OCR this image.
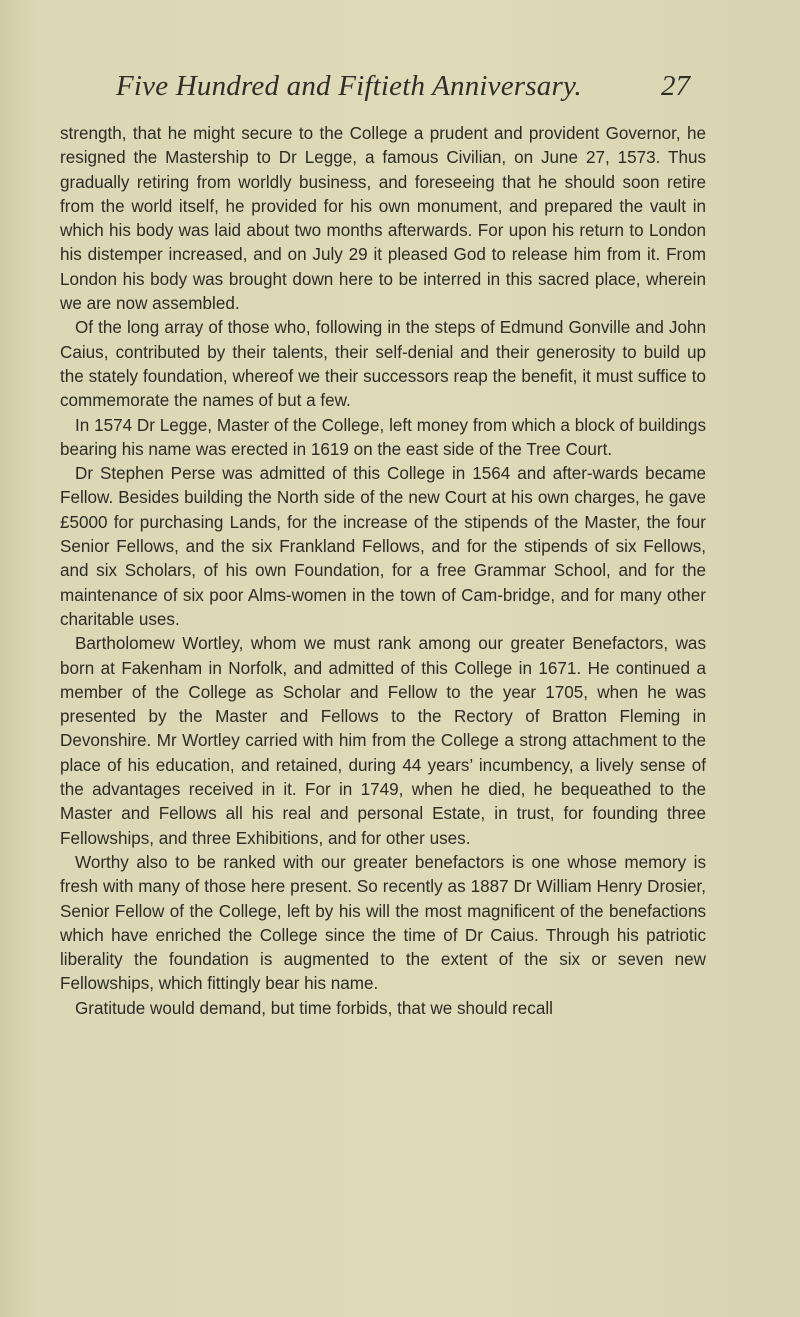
Five Hundred and Fiftieth Anniversary.	27

strength, that he might secure to the College a prudent and provident Governor, he resigned the Mastership to Dr Legge, a famous Civilian, on June 27, 1573. Thus gradually retiring from worldly business, and foreseeing that he should soon retire from the world itself, he provided for his own monument, and prepared the vault in which his body was laid about two months afterwards. For upon his return to London his distemper increased, and on July 29 it pleased God to release him from it. From London his body was brought down here to be interred in this sacred place, wherein we are now assembled.

Of the long array of those who, following in the steps of Edmund Gonville and John Caius, contributed by their talents, their self-denial and their generosity to build up the stately foundation, whereof we their successors reap the benefit, it must suffice to commemorate the names of but a few.

In 1574 Dr Legge, Master of the College, left money from which a block of buildings bearing his name was erected in 1619 on the east side of the Tree Court.

Dr Stephen Perse was admitted of this College in 1564 and after-wards became Fellow. Besides building the North side of the new Court at his own charges, he gave £5000 for purchasing Lands, for the increase of the stipends of the Master, the four Senior Fellows, and the six Frankland Fellows, and for the stipends of six Fellows, and six Scholars, of his own Foundation, for a free Grammar School, and for the maintenance of six poor Alms-women in the town of Cam-bridge, and for many other charitable uses.

Bartholomew Wortley, whom we must rank among our greater Benefactors, was born at Fakenham in Norfolk, and admitted of this College in 1671. He continued a member of the College as Scholar and Fellow to the year 1705, when he was presented by the Master and Fellows to the Rectory of Bratton Fleming in Devonshire. Mr Wortley carried with him from the College a strong attachment to the place of his education, and retained, during 44 years’ incumbency, a lively sense of the advantages received in it. For in 1749, when he died, he bequeathed to the Master and Fellows all his real and personal Estate, in trust, for founding three Fellowships, and three Exhibitions, and for other uses.

Worthy also to be ranked with our greater benefactors is one whose memory is fresh with many of those here present. So recently as 1887 Dr William Henry Drosier, Senior Fellow of the College, left by his will the most magnificent of the benefactions which have enriched the College since the time of Dr Caius. Through his patriotic liberality the foundation is augmented to the extent of the six or seven new Fellowships, which fittingly bear his name.

Gratitude would demand, but time forbids, that we should recall
